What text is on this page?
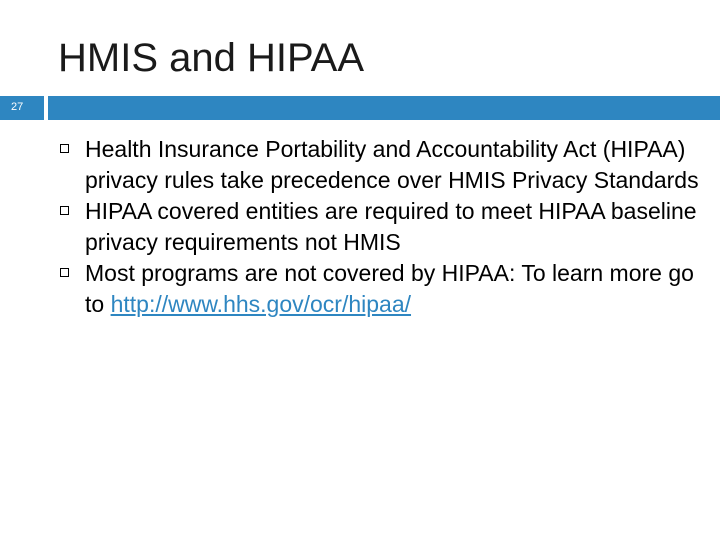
HMIS and HIPAA
27
Health Insurance Portability and Accountability Act (HIPAA) privacy rules take precedence over HMIS Privacy Standards
HIPAA covered entities are required to meet HIPAA baseline privacy requirements not HMIS
Most programs are not covered by HIPAA: To learn more go to http://www.hhs.gov/ocr/hipaa/
